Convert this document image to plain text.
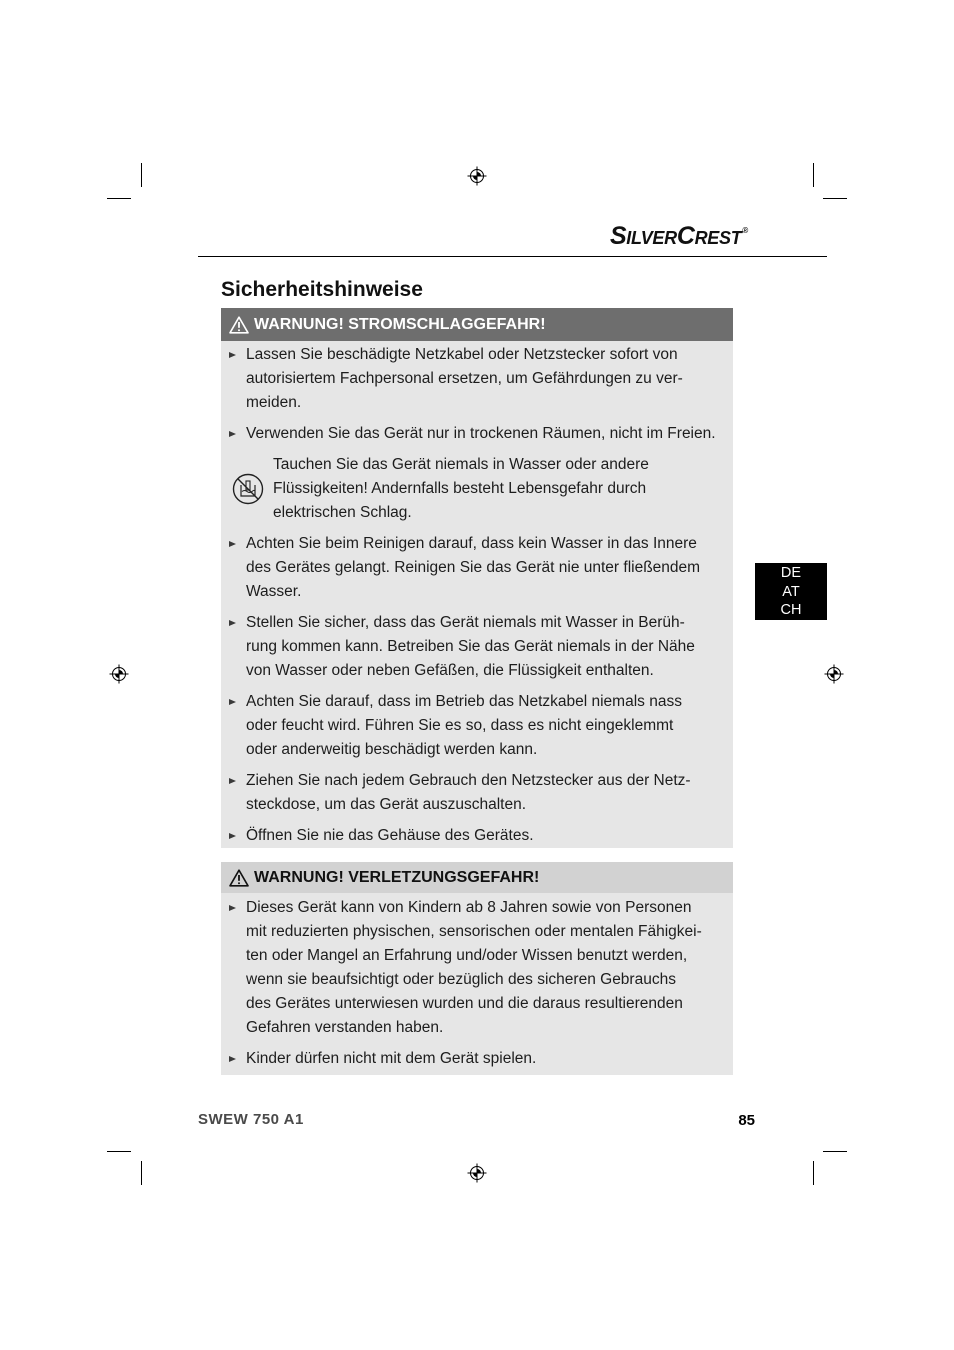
SilverCrest®
Sicherheitshinweise
WARNUNG! STROMSCHLAGGEFAHR!
Lassen Sie beschädigte Netzkabel oder Netzstecker sofort von
autorisiertem Fachpersonal ersetzen, um Gefährdungen zu ver-
meiden.
Verwenden Sie das Gerät nur in trockenen Räumen, nicht im Freien.
Tauchen Sie das Gerät niemals in Wasser oder andere
Flüssigkeiten! Andernfalls besteht Lebensgefahr durch
elektrischen Schlag.
Achten Sie beim Reinigen darauf, dass kein Wasser in das Innere
des Gerätes gelangt. Reinigen Sie das Gerät nie unter fließendem
Wasser.
Stellen Sie sicher, dass das Gerät niemals mit Wasser in Berüh-
rung kommen kann. Betreiben Sie das Gerät niemals in der Nähe
von Wasser oder neben Gefäßen, die Flüssigkeit enthalten.
Achten Sie darauf, dass im Betrieb das Netzkabel niemals nass
oder feucht wird. Führen Sie es so, dass es nicht eingeklemmt
oder anderweitig beschädigt werden kann.
Ziehen Sie nach jedem Gebrauch den Netzstecker aus der Netz-
steckdose, um das Gerät auszuschalten.
Öffnen Sie nie das Gehäuse des Gerätes.
WARNUNG! VERLETZUNGSGEFAHR!
Dieses Gerät kann von Kindern ab 8 Jahren sowie von Personen
mit reduzierten physischen, sensorischen oder mentalen Fähigkei-
ten oder Mangel an Erfahrung und/oder Wissen benutzt werden,
wenn sie beaufsichtigt oder bezüglich des sicheren Gebrauchs
des Gerätes unterwiesen wurden und die daraus resultierenden
Gefahren verstanden haben.
Kinder dürfen nicht mit dem Gerät spielen.
DE
AT
CH
SWEW 750 A1	85
